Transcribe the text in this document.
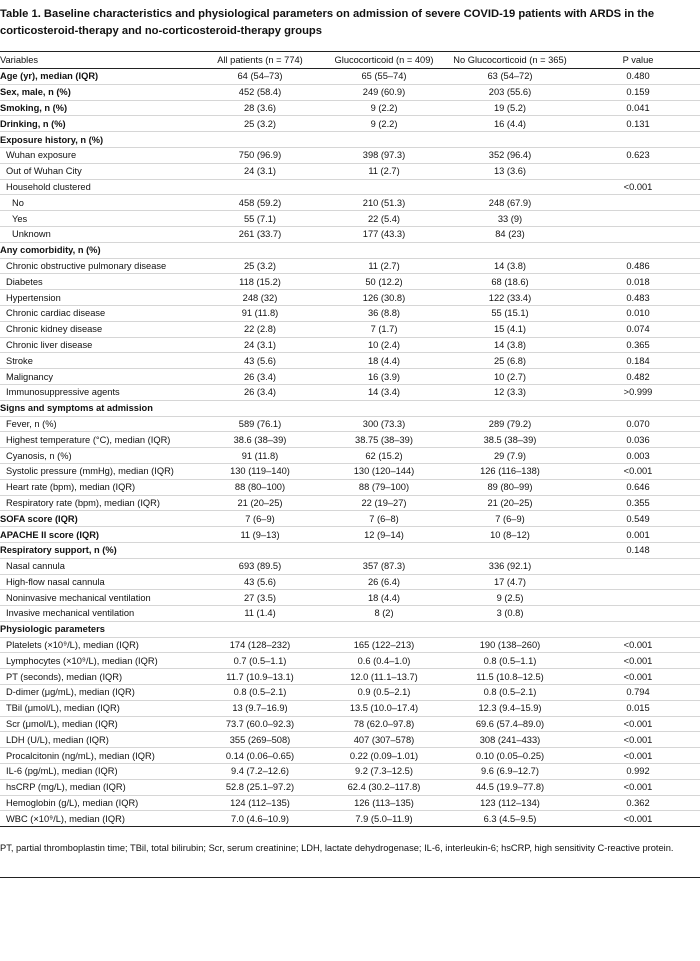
Table 1. Baseline characteristics and physiological parameters on admission of severe COVID-19 patients with ARDS in the corticosteroid-therapy and no-corticosteroid-therapy groups
Variables	All patients (n = 774)	Glucocorticoid (n = 409)	No Glucocorticoid (n = 365)	P value
Age (yr), median (IQR)	64 (54–73)	65 (55–74)	63 (54–72)	0.480
Sex, male, n (%)	452 (58.4)	249 (60.9)	203 (55.6)	0.159
Smoking, n (%)	28 (3.6)	9 (2.2)	19 (5.2)	0.041
Drinking, n (%)	25 (3.2)	9 (2.2)	16 (4.4)	0.131
Exposure history, n (%)				
Wuhan exposure	750 (96.9)	398 (97.3)	352 (96.4)	0.623
Out of Wuhan City	24 (3.1)	11 (2.7)	13 (3.6)	
Household clustered				<0.001
No	458 (59.2)	210 (51.3)	248 (67.9)	
Yes	55 (7.1)	22 (5.4)	33 (9)	
Unknown	261 (33.7)	177 (43.3)	84 (23)	
Any comorbidity, n (%)				
Chronic obstructive pulmonary disease	25 (3.2)	11 (2.7)	14 (3.8)	0.486
Diabetes	118 (15.2)	50 (12.2)	68 (18.6)	0.018
Hypertension	248 (32)	126 (30.8)	122 (33.4)	0.483
Chronic cardiac disease	91 (11.8)	36 (8.8)	55 (15.1)	0.010
Chronic kidney disease	22 (2.8)	7 (1.7)	15 (4.1)	0.074
Chronic liver disease	24 (3.1)	10 (2.4)	14 (3.8)	0.365
Stroke	43 (5.6)	18 (4.4)	25 (6.8)	0.184
Malignancy	26 (3.4)	16 (3.9)	10 (2.7)	0.482
Immunosuppressive agents	26 (3.4)	14 (3.4)	12 (3.3)	>0.999
Signs and symptoms at admission				
Fever, n (%)	589 (76.1)	300 (73.3)	289 (79.2)	0.070
Highest temperature (°C), median (IQR)	38.6 (38–39)	38.75 (38–39)	38.5 (38–39)	0.036
Cyanosis, n (%)	91 (11.8)	62 (15.2)	29 (7.9)	0.003
Systolic pressure (mmHg), median (IQR)	130 (119–140)	130 (120–144)	126 (116–138)	<0.001
Heart rate (bpm), median (IQR)	88 (80–100)	88 (79–100)	89 (80–99)	0.646
Respiratory rate (bpm), median (IQR)	21 (20–25)	22 (19–27)	21 (20–25)	0.355
SOFA score (IQR)	7 (6–9)	7 (6–8)	7 (6–9)	0.549
APACHE II score (IQR)	11 (9–13)	12 (9–14)	10 (8–12)	0.001
Respiratory support, n (%)				0.148
Nasal cannula	693 (89.5)	357 (87.3)	336 (92.1)	
High-flow nasal cannula	43 (5.6)	26 (6.4)	17 (4.7)	
Noninvasive mechanical ventilation	27 (3.5)	18 (4.4)	9 (2.5)	
Invasive mechanical ventilation	11 (1.4)	8 (2)	3 (0.8)	
Physiologic parameters				
Platelets (×10⁹/L), median (IQR)	174 (128–232)	165 (122–213)	190 (138–260)	<0.001
Lymphocytes (×10⁹/L), median (IQR)	0.7 (0.5–1.1)	0.6 (0.4–1.0)	0.8 (0.5–1.1)	<0.001
PT (seconds), median (IQR)	11.7 (10.9–13.1)	12.0 (11.1–13.7)	11.5 (10.8–12.5)	<0.001
D-dimer (μg/mL), median (IQR)	0.8 (0.5–2.1)	0.9 (0.5–2.1)	0.8 (0.5–2.1)	0.794
TBil (μmol/L), median (IQR)	13 (9.7–16.9)	13.5 (10.0–17.4)	12.3 (9.4–15.9)	0.015
Scr (μmol/L), median (IQR)	73.7 (60.0–92.3)	78 (62.0–97.8)	69.6 (57.4–89.0)	<0.001
LDH (U/L), median (IQR)	355 (269–508)	407 (307–578)	308 (241–433)	<0.001
Procalcitonin (ng/mL), median (IQR)	0.14 (0.06–0.65)	0.22 (0.09–1.01)	0.10 (0.05–0.25)	<0.001
IL-6 (pg/mL), median (IQR)	9.4 (7.2–12.6)	9.2 (7.3–12.5)	9.6 (6.9–12.7)	0.992
hsCRP (mg/L), median (IQR)	52.8 (25.1–97.2)	62.4 (30.2–117.8)	44.5 (19.9–77.8)	<0.001
Hemoglobin (g/L), median (IQR)	124 (112–135)	126 (113–135)	123 (112–134)	0.362
WBC (×10⁹/L), median (IQR)	7.0 (4.6–10.9)	7.9 (5.0–11.9)	6.3 (4.5–9.5)	<0.001
PT, partial thromboplastin time; TBil, total bilirubin; Scr, serum creatinine; LDH, lactate dehydrogenase; IL-6, interleukin-6; hsCRP, high sensitivity C-reactive protein.
